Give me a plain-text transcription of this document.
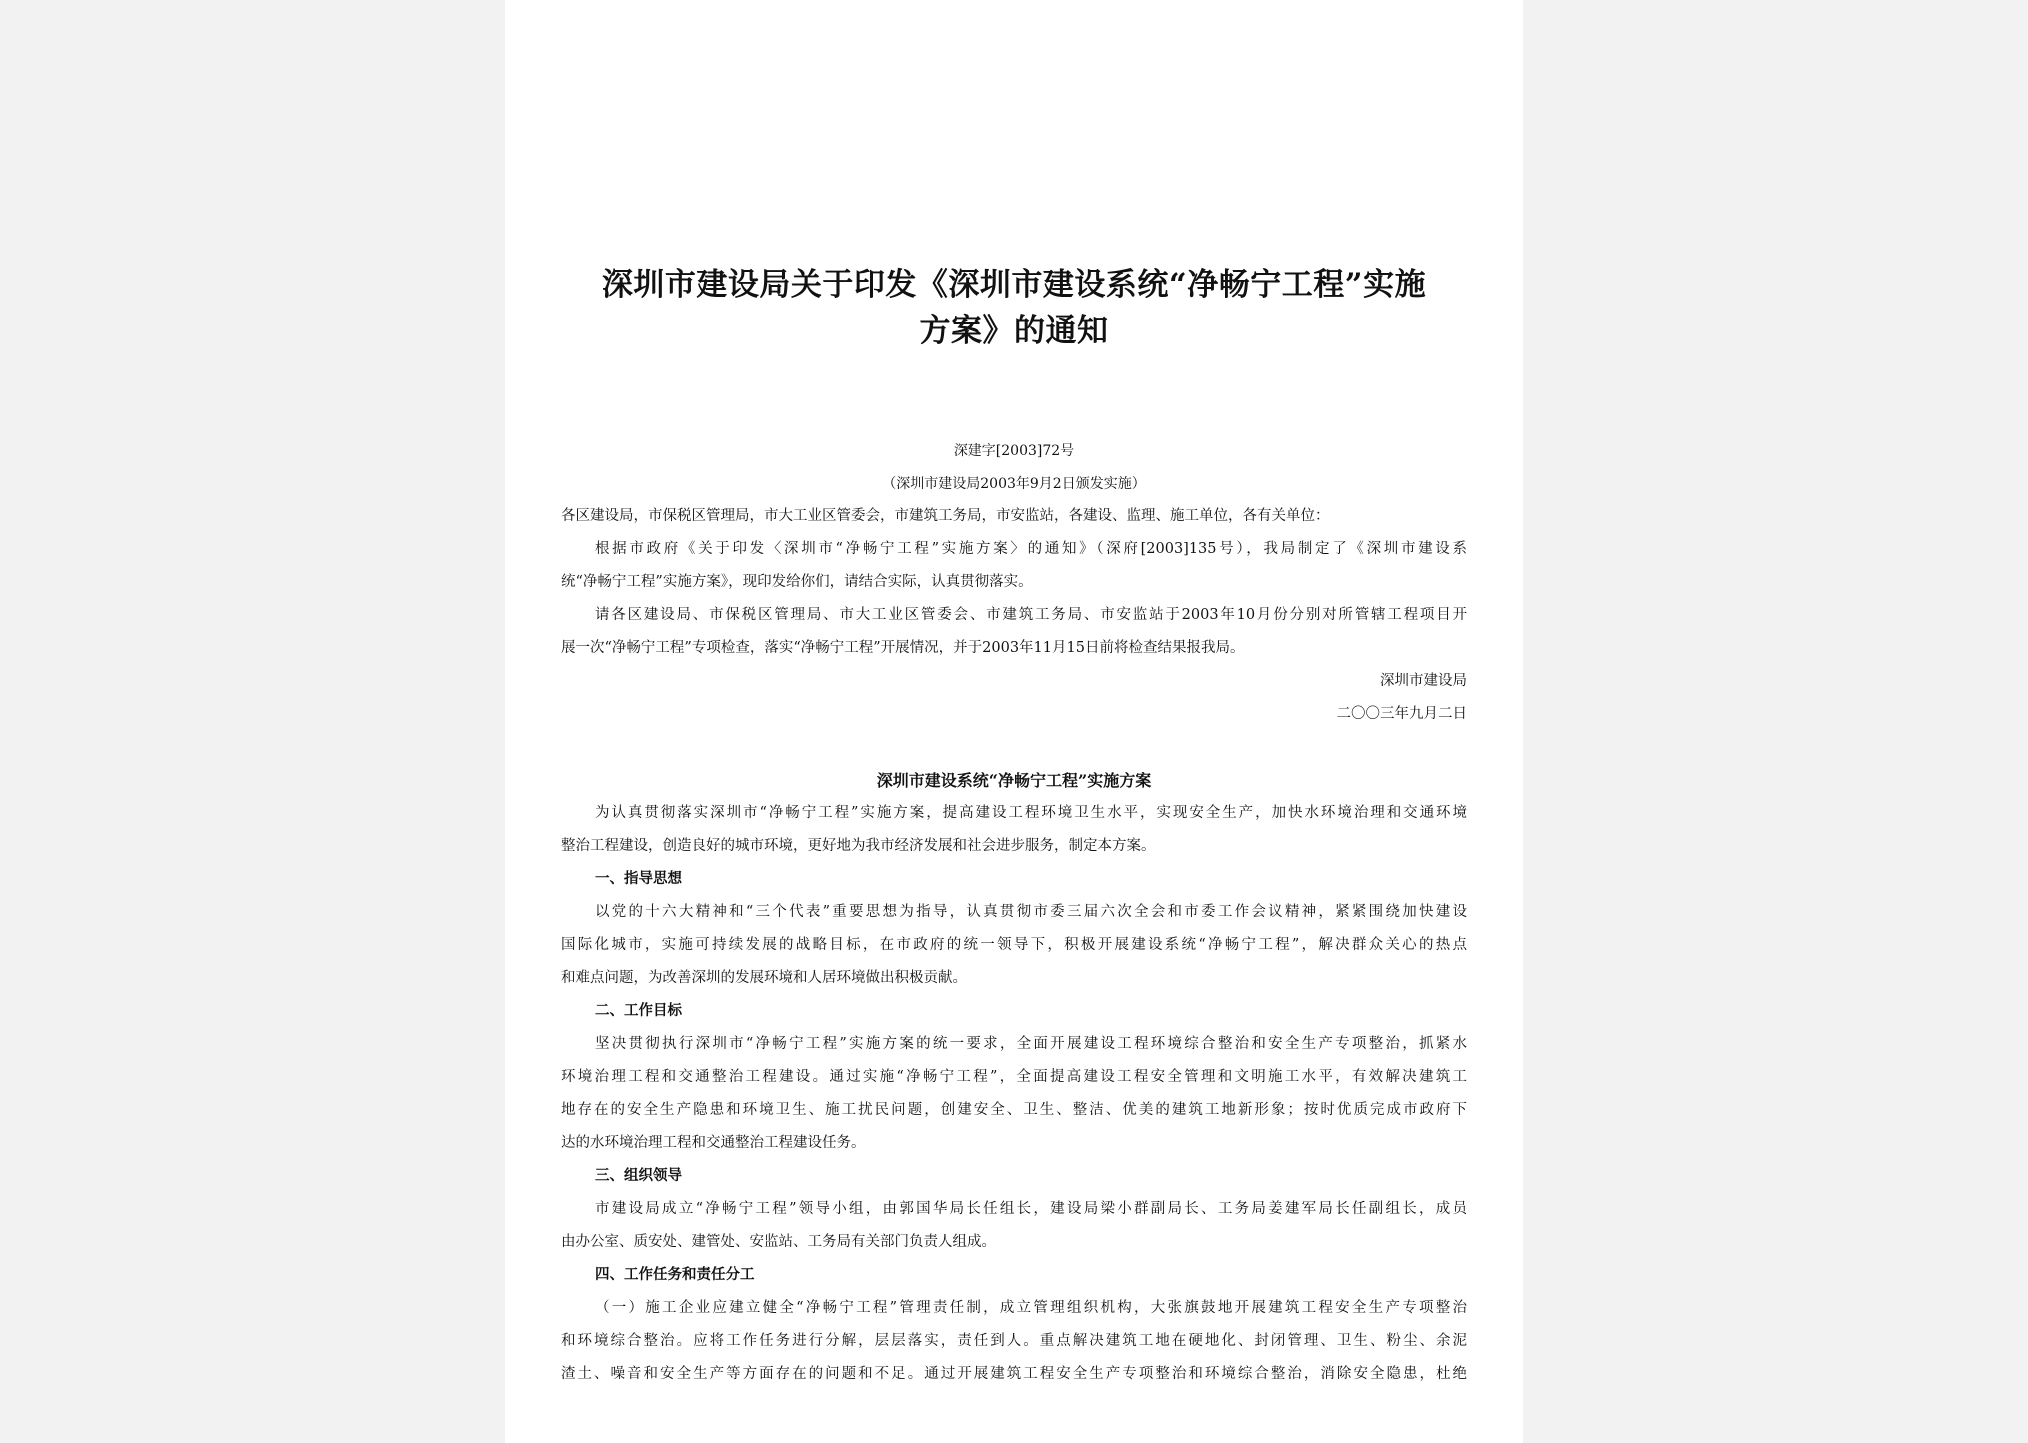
深圳市建设局关于印发《深圳市建设系统“净畅宁工程”实施方案》的通知
深建字[2003]72号
（深圳市建设局2003年9月2日颁发实施）
各区建设局，市保税区管理局，市大工业区管委会，市建筑工务局，市安监站，各建设、监理、施工单位，各有关单位：
根据市政府《关于印发〈深圳市“净畅宁工程”实施方案〉的通知》（深府[2003]135号），我局制定了《深圳市建设系
统“净畅宁工程”实施方案》，现印发给你们，请结合实际，认真贯彻落实。
请各区建设局、市保税区管理局、市大工业区管委会、市建筑工务局、市安监站于2003年10月份分别对所管辖工程项目开
展一次“净畅宁工程”专项检查，落实“净畅宁工程”开展情况，并于2003年11月15日前将检查结果报我局。
深圳市建设局
二〇〇三年九月二日
深圳市建设系统“净畅宁工程”实施方案
为认真贯彻落实深圳市“净畅宁工程”实施方案，提高建设工程环境卫生水平，实现安全生产，加快水环境治理和交通环境
整治工程建设，创造良好的城市环境，更好地为我市经济发展和社会进步服务，制定本方案。
一、指导思想
以党的十六大精神和“三个代表”重要思想为指导，认真贯彻市委三届六次全会和市委工作会议精神，紧紧围绕加快建设
国际化城市，实施可持续发展的战略目标，在市政府的统一领导下，积极开展建设系统“净畅宁工程”，解决群众关心的热点
和难点问题，为改善深圳的发展环境和人居环境做出积极贡献。
二、工作目标
坚决贯彻执行深圳市“净畅宁工程”实施方案的统一要求，全面开展建设工程环境综合整治和安全生产专项整治，抓紧水
环境治理工程和交通整治工程建设。通过实施“净畅宁工程”，全面提高建设工程安全管理和文明施工水平，有效解决建筑工
地存在的安全生产隐患和环境卫生、施工扰民问题，创建安全、卫生、整洁、优美的建筑工地新形象；按时优质完成市政府下
达的水环境治理工程和交通整治工程建设任务。
三、组织领导
市建设局成立“净畅宁工程”领导小组，由郭国华局长任组长，建设局梁小群副局长、工务局姜建军局长任副组长，成员
由办公室、质安处、建管处、安监站、工务局有关部门负责人组成。
四、工作任务和责任分工
（一）施工企业应建立健全“净畅宁工程”管理责任制，成立管理组织机构，大张旗鼓地开展建筑工程安全生产专项整治
和环境综合整治。应将工作任务进行分解，层层落实，责任到人。重点解决建筑工地在硬地化、封闭管理、卫生、粉尘、余泥
渣土、噪音和安全生产等方面存在的问题和不足。通过开展建筑工程安全生产专项整治和环境综合整治，消除安全隐患，杜绝
